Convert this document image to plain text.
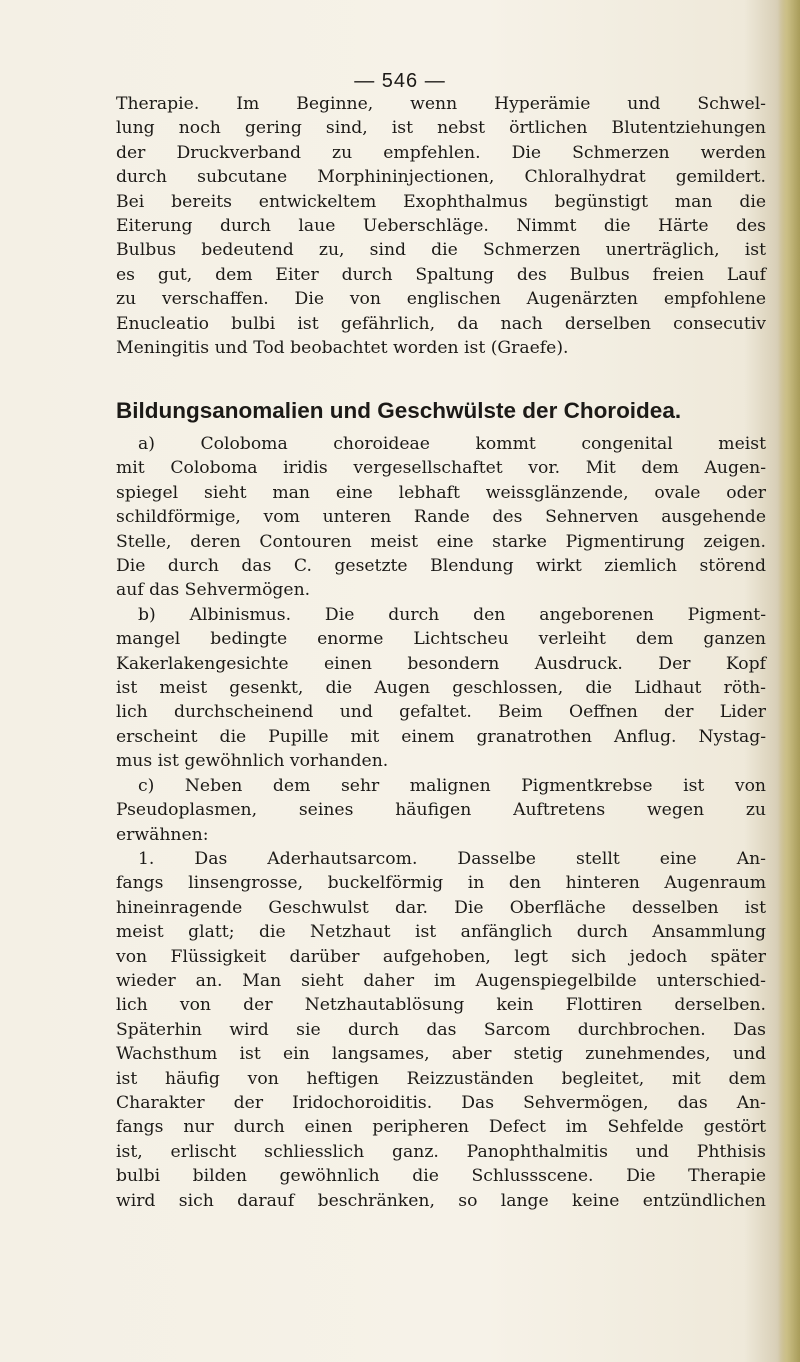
— 546 —
Therapie. Im Beginne, wenn Hyperämie und Schwel-
lung noch gering sind, ist nebst örtlichen Blutentziehungen
der Druckverband zu empfehlen. Die Schmerzen werden
durch subcutane Morphininjectionen, Chloralhydrat gemildert.
Bei bereits entwickeltem Exophthalmus begünstigt man die
Eiterung durch laue Ueberschläge. Nimmt die Härte des
Bulbus bedeutend zu, sind die Schmerzen unerträglich, ist
es gut, dem Eiter durch Spaltung des Bulbus freien Lauf
zu verschaffen. Die von englischen Augenärzten empfohlene
Enucleatio bulbi ist gefährlich, da nach derselben consecutiv
Meningitis und Tod beobachtet worden ist (Graefe).
Bildungsanomalien und Geschwülste der Choroidea.
a) Coloboma choroideae kommt congenital meist
mit Coloboma iridis vergesellschaftet vor. Mit dem Augen-
spiegel sieht man eine lebhaft weissglänzende, ovale oder
schildförmige, vom unteren Rande des Sehnerven ausgehende
Stelle, deren Contouren meist eine starke Pigmentirung zeigen.
Die durch das C. gesetzte Blendung wirkt ziemlich störend
auf das Sehvermögen.
b) Albinismus. Die durch den angeborenen Pigment-
mangel bedingte enorme Lichtscheu verleiht dem ganzen
Kakerlakengesichte einen besondern Ausdruck. Der Kopf
ist meist gesenkt, die Augen geschlossen, die Lidhaut röth-
lich durchscheinend und gefaltet. Beim Oeffnen der Lider
erscheint die Pupille mit einem granatrothen Anflug. Nystag-
mus ist gewöhnlich vorhanden.
c) Neben dem sehr malignen Pigmentkrebse ist von
Pseudoplasmen, seines häufigen Auftretens wegen zu
erwähnen:
1. Das Aderhautsarcom. Dasselbe stellt eine An-
fangs linsengrosse, buckelförmig in den hinteren Augenraum
hineinragende Geschwulst dar. Die Oberfläche desselben ist
meist glatt; die Netzhaut ist anfänglich durch Ansammlung
von Flüssigkeit darüber aufgehoben, legt sich jedoch später
wieder an. Man sieht daher im Augenspiegelbilde unterschied-
lich von der Netzhautablösung kein Flottiren derselben.
Späterhin wird sie durch das Sarcom durchbrochen. Das
Wachsthum ist ein langsames, aber stetig zunehmendes, und
ist häufig von heftigen Reizzuständen begleitet, mit dem
Charakter der Iridochoroiditis. Das Sehvermögen, das An-
fangs nur durch einen peripheren Defect im Sehfelde gestört
ist, erlischt schliesslich ganz. Panophthalmitis und Phthisis
bulbi bilden gewöhnlich die Schlussscene. Die Therapie
wird sich darauf beschränken, so lange keine entzündlichen
